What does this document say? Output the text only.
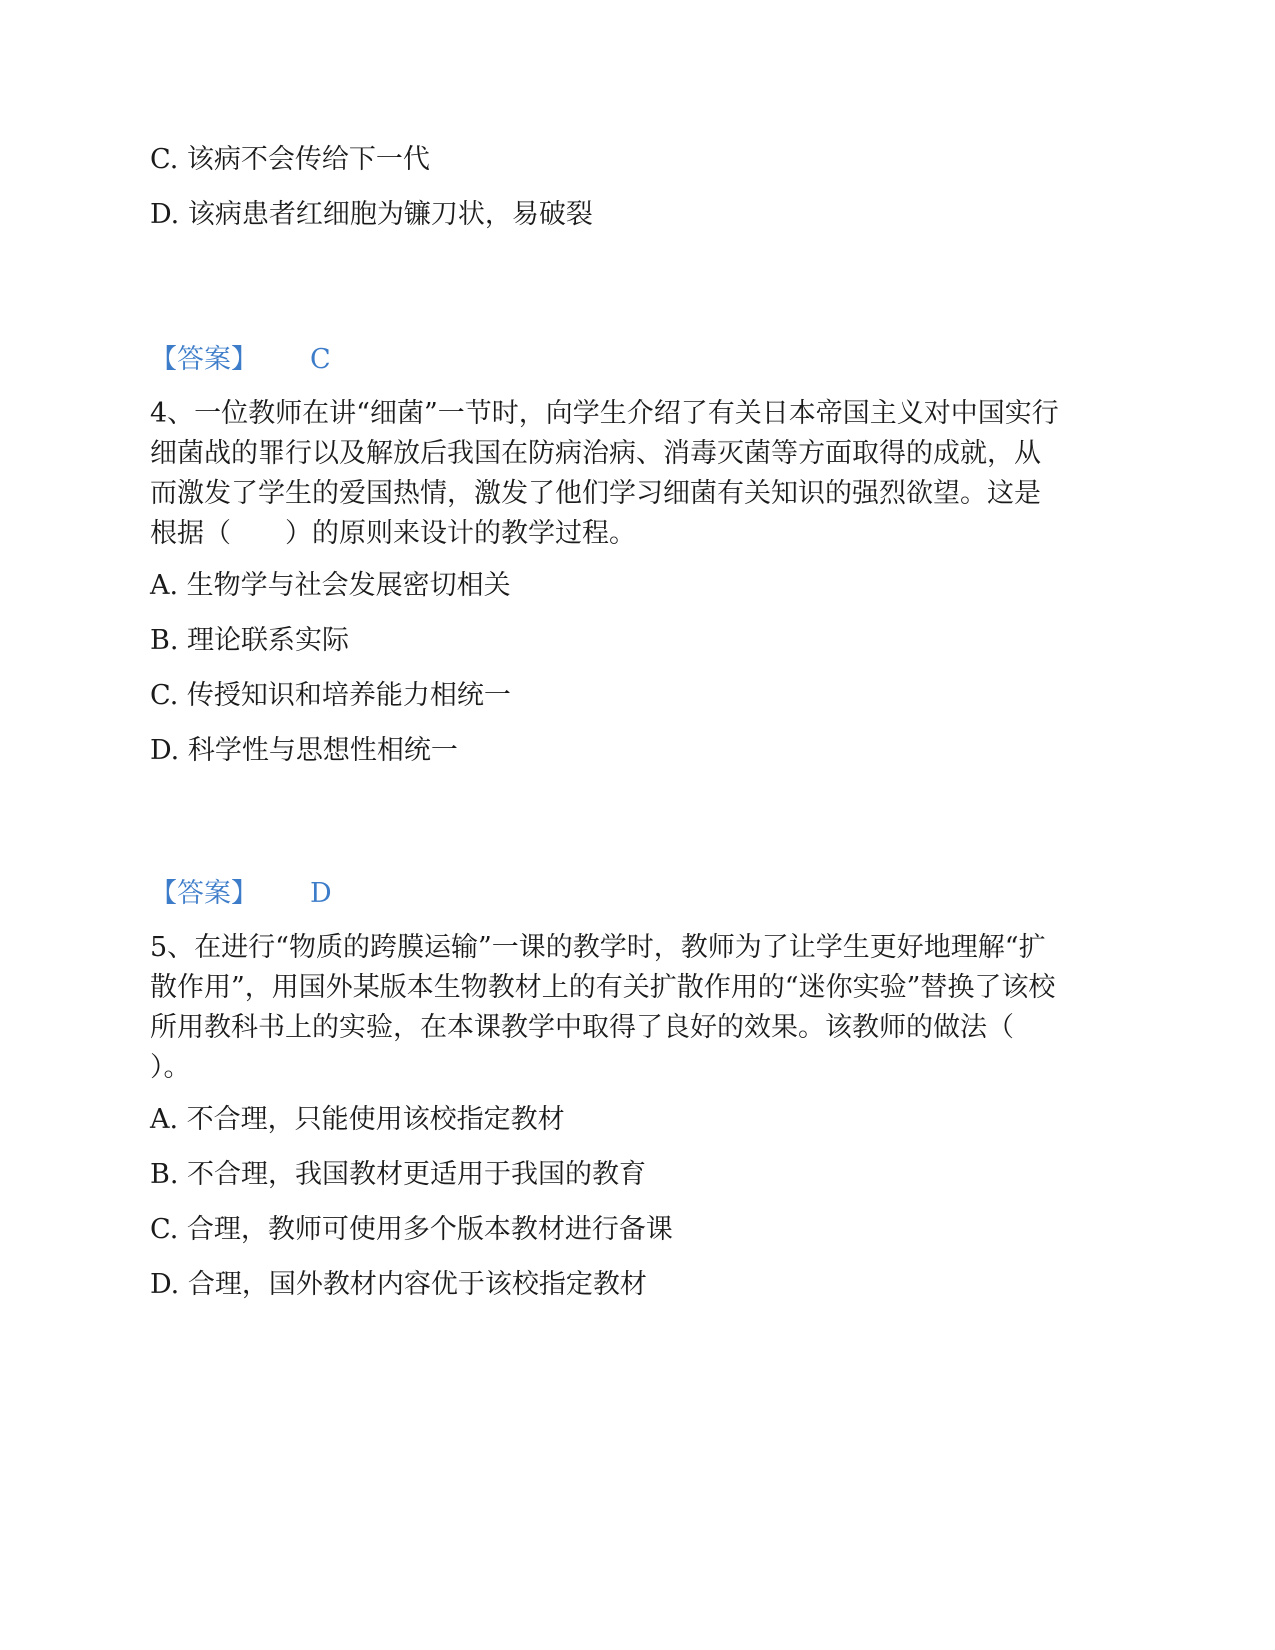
C. 该病不会传给下一代
D. 该病患者红细胞为镰刀状，易破裂
【答案】 C
4、一位教师在讲“细菌”一节时，向学生介绍了有关日本帝国主义对中国实行
细菌战的罪行以及解放后我国在防病治病、消毒灭菌等方面取得的成就，从
而激发了学生的爱国热情，激发了他们学习细菌有关知识的强烈欲望。这是
根据（　　）的原则来设计的教学过程。
A. 生物学与社会发展密切相关
B. 理论联系实际
C. 传授知识和培养能力相统一
D. 科学性与思想性相统一
【答案】 D
5、在进行“物质的跨膜运输”一课的教学时，教师为了让学生更好地理解“扩
散作用”，用国外某版本生物教材上的有关扩散作用的“迷你实验”替换了该校
所用教科书上的实验，在本课教学中取得了良好的效果。该教师的做法（
）。
A. 不合理，只能使用该校指定教材
B. 不合理，我国教材更适用于我国的教育
C. 合理，教师可使用多个版本教材进行备课
D. 合理，国外教材内容优于该校指定教材
